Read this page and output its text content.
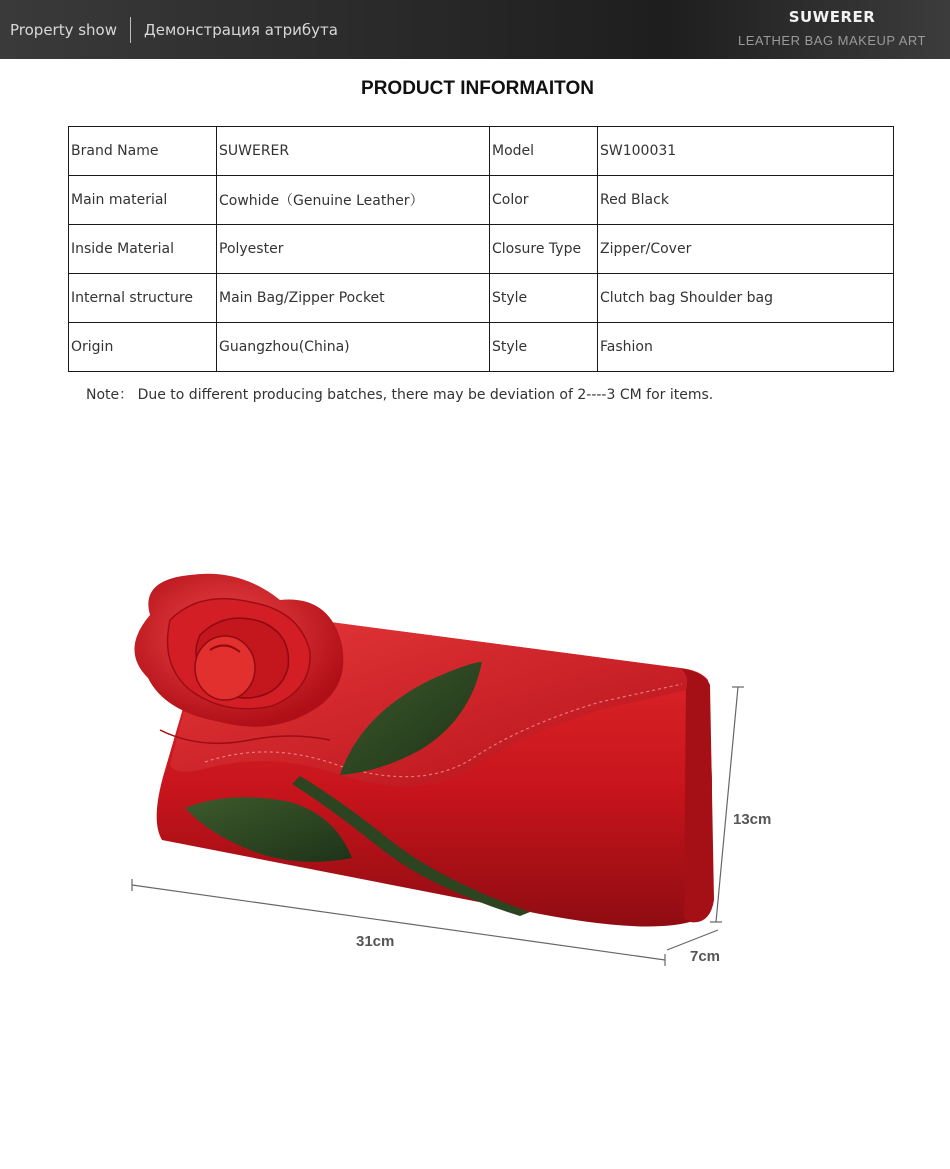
Property show Демонстрация атрибута
SUWERER
LEATHER BAG MAKEUP ART
PRODUCT INFORMAITON
Brand Name	SUWERER	Model	SW100031
Main material	Cowhide（Genuine Leather）	Color	Red Black
Inside Material	Polyester	Closure Type	Zipper/Cover
Internal structure	Main Bag/Zipper Pocket	Style	Clutch bag Shoulder bag
Origin	Guangzhou(China)	Style	Fashion
Note： Due to different producing batches, there may be deviation of 2----3 CM for items.
31cm
13cm
7cm
